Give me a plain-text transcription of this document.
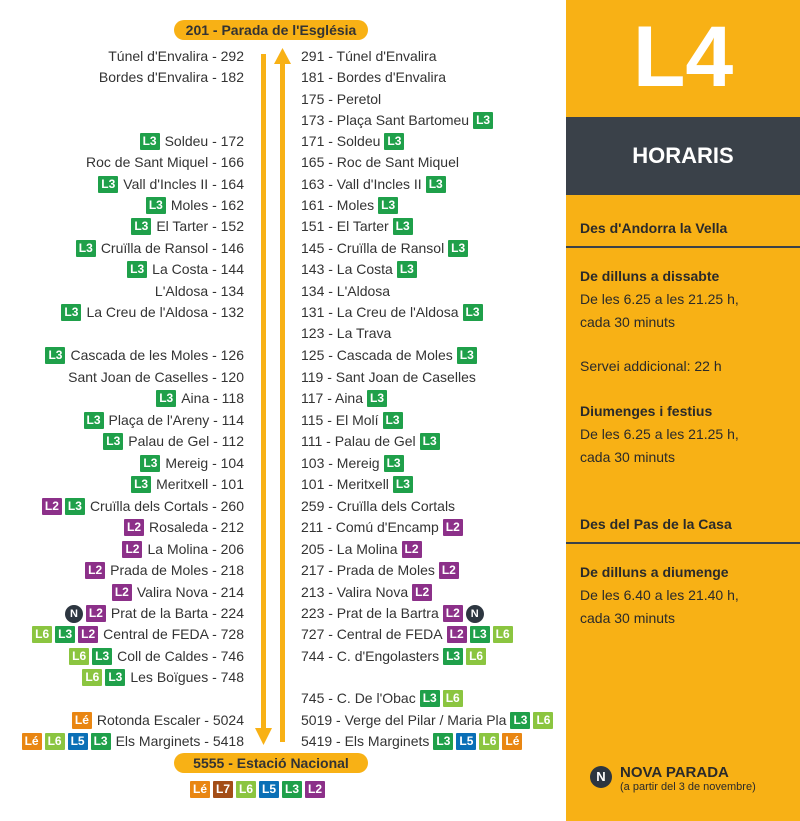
201 - Parada de l'Església
5555 - Estació Nacional
Túnel d'Envalira - 292
Bordes d'Envalira - 182
L3 Soldeu - 172
Roc de Sant Miquel - 166
L3 Vall d'Incles II - 164
L3 Moles - 162
L3 El Tarter - 152
L3 Cruïlla de Ransol - 146
L3 La Costa - 144
L'Aldosa - 134
L3 La Creu de l'Aldosa - 132
L3 Cascada de les Moles - 126
Sant Joan de Caselles - 120
L3 Aina - 118
L3 Plaça de l'Areny - 114
L3 Palau de Gel - 112
L3 Mereig - 104
L3 Meritxell - 101
L2 L3 Cruïlla dels Cortals - 260
L2 Rosaleda - 212
L2 La Molina - 206
L2 Prada de Moles - 218
L2 Valira Nova - 214
N L2 Prat de la Barta - 224
L6 L3 L2 Central de FEDA - 728
L6 L3 Coll de Caldes - 746
L6 L3 Les Boïgues - 748
Lé Rotonda Escaler - 5024
Lé L6 L5 L3 Els Marginets - 5418
291 - Túnel d'Envalira
181 - Bordes d'Envalira
175 - Peretol
173 - Plaça Sant Bartomeu L3
171 - Soldeu L3
165 - Roc de Sant Miquel
163 - Vall d'Incles II L3
161 - Moles L3
151 - El Tarter L3
145 - Cruïlla de Ransol L3
143 - La Costa L3
134 - L'Aldosa
131 - La Creu de l'Aldosa L3
123 - La Trava
125 - Cascada de Moles L3
119 - Sant Joan de Caselles
117 - Aina L3
115 - El Molí L3
111 - Palau de Gel L3
103 - Mereig L3
101 - Meritxell L3
259 - Cruïlla dels Cortals
211 - Comú d'Encamp L2
205 - La Molina L2
217 - Prada de Moles L2
213 - Valira Nova L2
223 - Prat de la Bartra L2	N
727 - Central de FEDA L2 L3 L6
744 - C. d'Engolasters L3 L6
745 - C. De l'Obac L3 L6
5019 - Verge del Pilar / Maria Pla L3 L6
5419 - Els Marginets L3 L5 L6 Lé
Lé L7 L6 L5 L3 L2
L4
HORARIS
Des d'Andorra la Vella
De dilluns a dissabte
De les 6.25 a les 21.25 h,
cada 30 minuts
Servei addicional: 22 h
Diumenges i festius
De les 6.25 a les 21.25 h,
cada 30 minuts
Des del Pas de la Casa
De dilluns a diumenge
De les 6.40 a les 21.40 h,
cada 30 minuts
N NOVA PARADA
(a partir del 3 de novembre)
